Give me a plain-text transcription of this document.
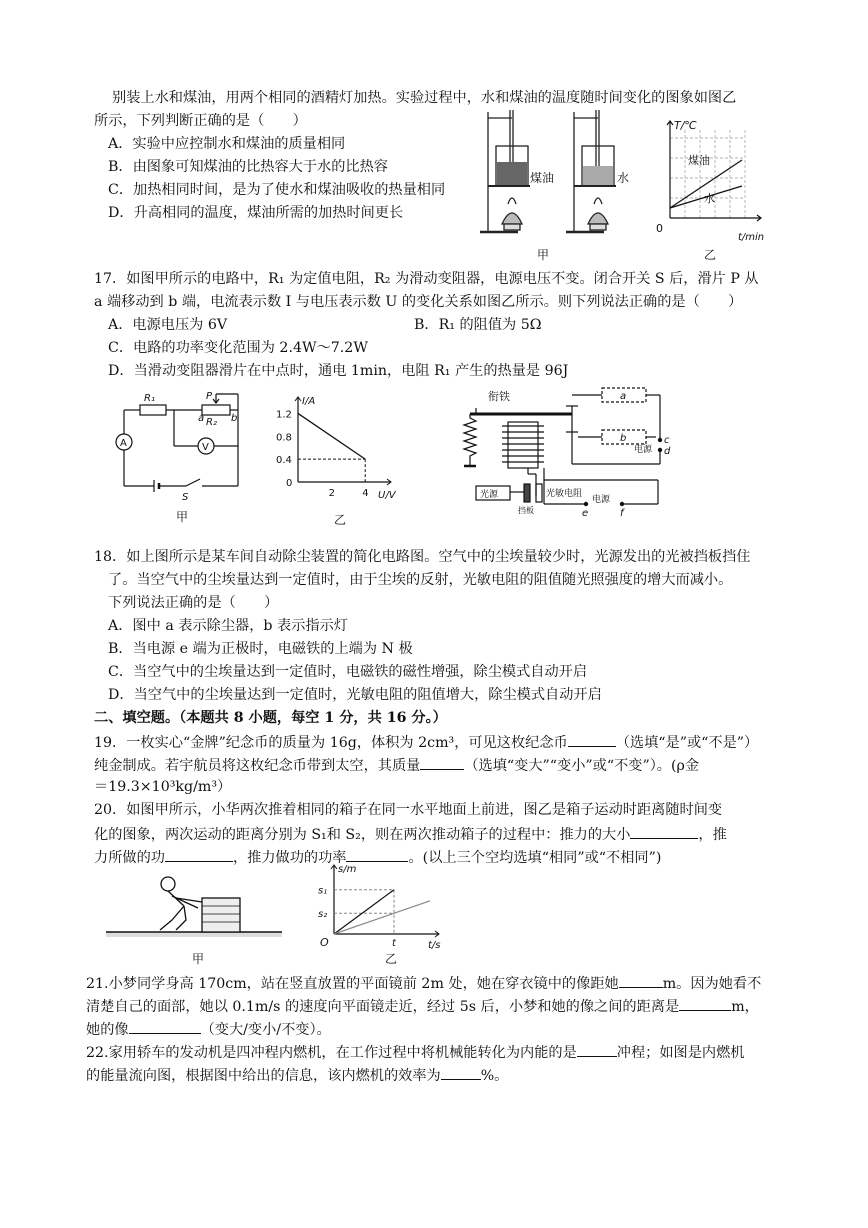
别装上水和煤油，用两个相同的酒精灯加热。实验过程中，水和煤油的温度随时间变化的图象如图乙
所示，下列判断正确的是（　　）
A．实验中应控制水和煤油的质量相同
B．由图象可知煤油的比热容大于水的比热容
C．加热相同时间，是为了使水和煤油吸收的热量相同
D．升高相同的温度，煤油所需的加热时间更长
煤油	水
甲
T/℃
煤油
水
0
t/min
乙
17．如图甲所示的电路中，R₁ 为定值电阻，R₂ 为滑动变阻器，电源电压不变。闭合开关 S 后，滑片 P 从
a 端移动到 b 端，电流表示数 I 与电压表示数 U 的变化关系如图乙所示。则下列说法正确的是（　　）
A．电源电压为 6V	B．R₁ 的阻值为 5Ω
C．电路的功率变化范围为 2.4W～7.2W
D．当滑动变阻器滑片在中点时，通电 1min，电阻 R₁ 产生的热量是 96J
R₁
R₂
P
a	b
S
A	V
甲
0.4
0.8
1.2
0
2	4
I/A
U/V
乙
衔铁	a
b	c
d
电源
光源	光敏电阻
挡板	e
电源
f
18．如上图所示是某车间自动除尘装置的简化电路图。空气中的尘埃量较少时，光源发出的光被挡板挡住
了。当空气中的尘埃量达到一定值时，由于尘埃的反射，光敏电阻的阻值随光照强度的增大而减小。
下列说法正确的是（　　）
A．图中 a 表示除尘器，b 表示指示灯
B．当电源 e 端为正极时，电磁铁的上端为 N 极
C．当空气中的尘埃量达到一定值时，电磁铁的磁性增强，除尘模式自动开启
D．当空气中的尘埃量达到一定值时，光敏电阻的阻值增大，除尘模式自动开启
二、填空题。（本题共 8 小题，每空 1 分，共 16 分。）
19．一枚实心“金牌”纪念币的质量为 16g，体积为 2cm³，可见这枚纪念币	（选填“是”或“不是”）
纯金制成。若宇航员将这枚纪念币带到太空，其质量	（选填“变大”“变小”或“不变”）。(ρ金
＝19.3×10³kg/m³）
20．如图甲所示，小华两次推着相同的箱子在同一水平地面上前进，图乙是箱子运动时距离随时间变
化的图象，两次运动的距离分别为 S₁和 S₂，则在两次推动箱子的过程中：推力的大小	，推
力所做的功	，推力做功的功率	。(以上三个空均选填“相同”或“不相同”)
甲
s₁
s₂
t
O
s/m
t/s
乙
21.小梦同学身高 170cm，站在竖直放置的平面镜前 2m 处，她在穿衣镜中的像距她	m。因为她看不
清楚自己的面部，她以 0.1m/s 的速度向平面镜走近，经过 5s 后，小梦和她的像之间的距离是	m，
她的像	（变大/变小/不变）。
22.家用轿车的发动机是四冲程内燃机，在工作过程中将机械能转化为内能的是	冲程；如图是内燃机
的能量流向图，根据图中给出的信息，该内燃机的效率为	%。
